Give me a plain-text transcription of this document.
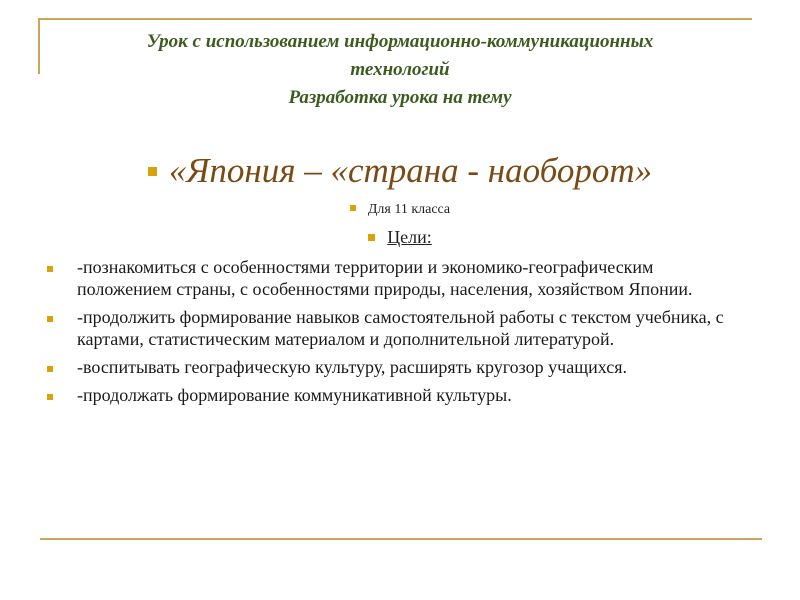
Урок с использованием информационно-коммуникационных
технологий
Разработка урока на тему
«Япония – «страна - наоборот»
Для 11 класса
Цели:
-познакомиться с особенностями территории и экономико-географическим положением страны, с особенностями природы, населения, хозяйством Японии.
-продолжить формирование навыков самостоятельной работы с текстом учебника, с картами, статистическим материалом и дополнительной литературой.
-воспитывать географическую культуру, расширять кругозор учащихся.
-продолжать формирование коммуникативной культуры.
